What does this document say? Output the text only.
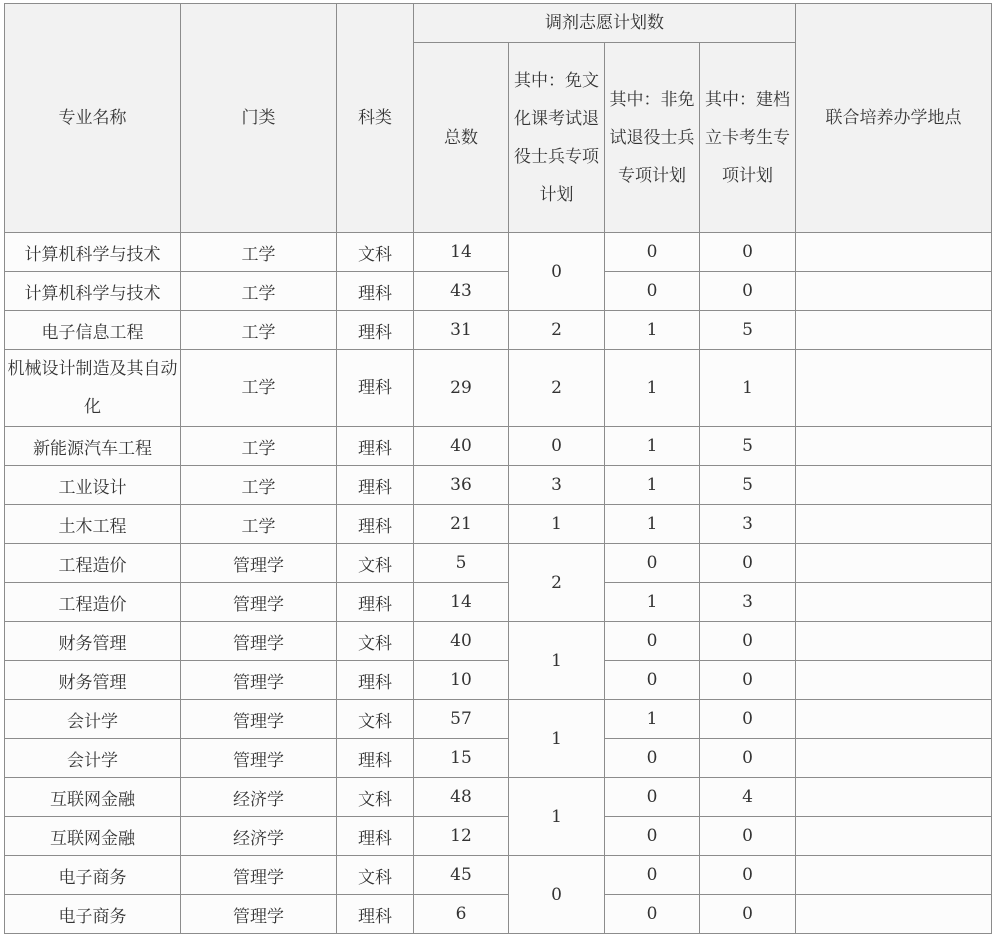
专业名称	门类	科类	调剂志愿计划数				联合培养办学地点
			总数	其中：免文化课考试退役士兵专项计划	其中：非免试退役士兵专项计划	其中：建档立卡考生专项计划	
计算机科学与技术	工学	文科	14	0	0	0	
计算机科学与技术	工学	理科	43		0	0	
电子信息工程	工学	理科	31	2	1	5	
机械设计制造及其自动化	工学	理科	29	2	1	1	
新能源汽车工程	工学	理科	40	0	1	5	
工业设计	工学	理科	36	3	1	5	
土木工程	工学	理科	21	1	1	3	
工程造价	管理学	文科	5	2	0	0	
工程造价	管理学	理科	14		1	3	
财务管理	管理学	文科	40	1	0	0	
财务管理	管理学	理科	10		0	0	
会计学	管理学	文科	57	1	1	0	
会计学	管理学	理科	15		0	0	
互联网金融	经济学	文科	48	1	0	4	
互联网金融	经济学	理科	12		0	0	
电子商务	管理学	文科	45	0	0	0	
电子商务	管理学	理科	6		0	0	
